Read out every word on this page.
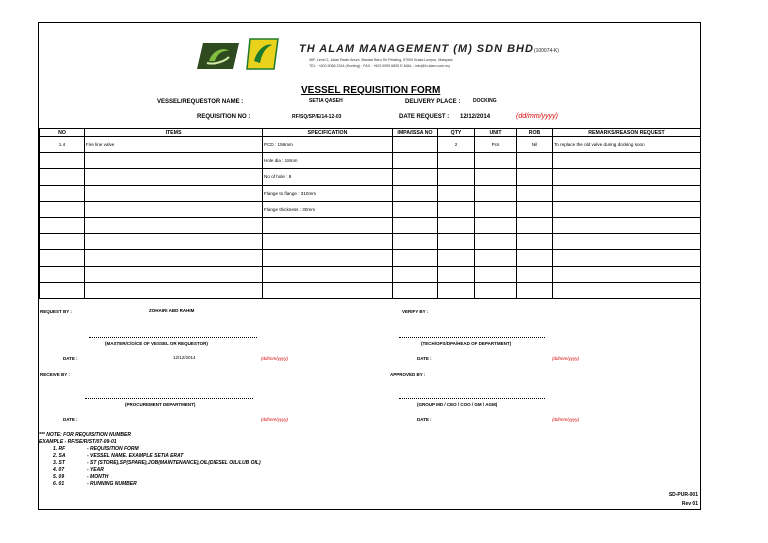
TH ALAM MANAGEMENT (M) SDN BHD(100074-K)
36F, Level 2, Jalan Radin Anum, Bandar Baru Sri Petaling, 57000 Kuala Lumpur, Malaysia
TEL : +603 9058 2244 (Hunting) : FAX : +603 9059 6895 E-MAIL : info@th-alam.com.my
VESSEL REQUISITION FORM
VESSEL/REQUESTOR NAME :	SETIA QASEH	DELIVERY PLACE :	DOCKING
REQUISITION NO :	RF/SQ/SP/E/14-12-03	DATE REQUEST : 12/12/2014	(dd/mm/yyyy)
NO	ITEMS	SPECIFICATION	IMPA/ISSA NO	QTY	UNIT	ROB	REMARKS/REASON REQUEST
1.4	Fire line valve	PCD : 156mm		2	Pcs	Nil	To replace the old valve during docking soon
		Hole dia : 18mm					
		No of hole : 8					
		Flange to flange : 310mm					
		Flange thickness : 30mm					

REQUEST BY :	ZOHAIRI ABD RAHIM	VERIFY BY :
(MASTER/C/O/CE OF VESSEL OR REQUESTOR)	(TECH/OPS/DPA/HEAD OF DEPARTMENT)
DATE :	12/12/2014	(dd/mm/yyyy)	DATE :	(dd/mm/yyyy)
RECEIVE BY :	APPROVED BY :
(PROCUREMENT DEPARTMENT)	(GROUP MD / CEO / COO / GM / AGM)
DATE :	(dd/mm/yyyy)	DATE :	(dd/mm/yyyy)
*** NOTE: FOR REQUISITION NUMBER
EXAMPLE - RF/SE/R/ST/07-09-01
1. RF	- REQUISITION FORM
2. SA	- VESSEL NAME. EXAMPLE SETIA ERAT
3. ST	- ST (STORE),SP(SPARE),JOB(MAINTENANCE),OIL(DIESEL OIL/LUB OIL)
4. 07	- YEAR
5. 09	- MONTH
6. 01	- RUNNING NUMBER
SD-PUR-001
Rev 01
